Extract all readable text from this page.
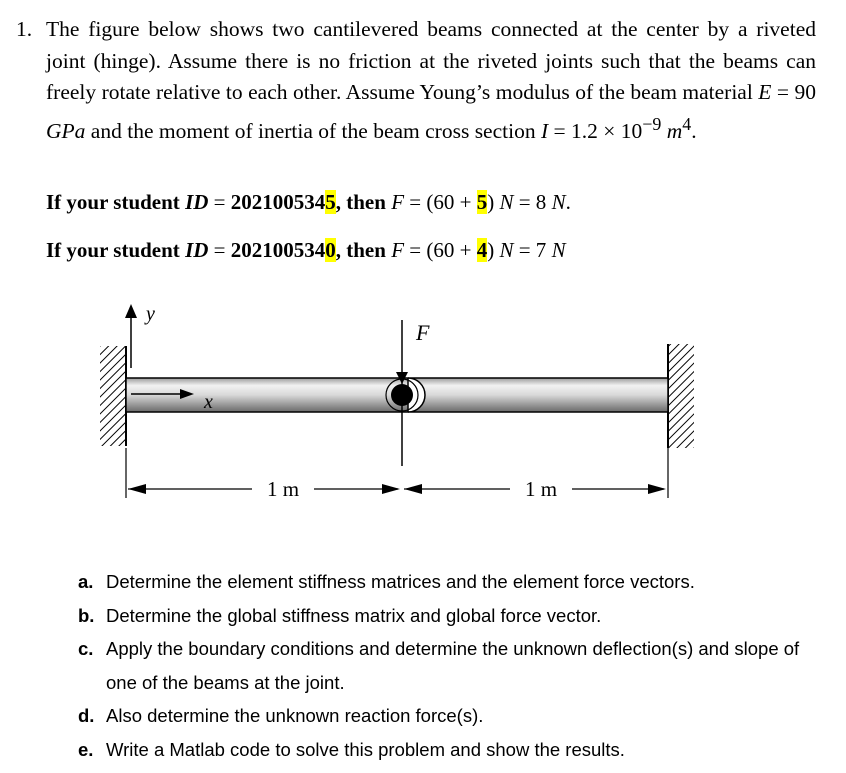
1. The figure below shows two cantilevered beams connected at the center by a riveted joint (hinge). Assume there is no friction at the riveted joints such that the beams can freely rotate relative to each other. Assume Young’s modulus of the beam material E = 90 GPa and the moment of inertia of the beam cross section $I = 1.2 \times 10^{-9}$ $m^4$.
If your student ID = 2021005345, then F = (60 + 5) N = 8 N.
If your student ID = 2021005340, then F = (60 + 4) N = 7 N
F
y
x
1 m	1 m
a. Determine the element stiffness matrices and the element force vectors.
b. Determine the global stiffness matrix and global force vector.
c. Apply the boundary conditions and determine the unknown deflection(s) and slope of one of the beams at the joint.
d. Also determine the unknown reaction force(s).
e. Write a Matlab code to solve this problem and show the results.
